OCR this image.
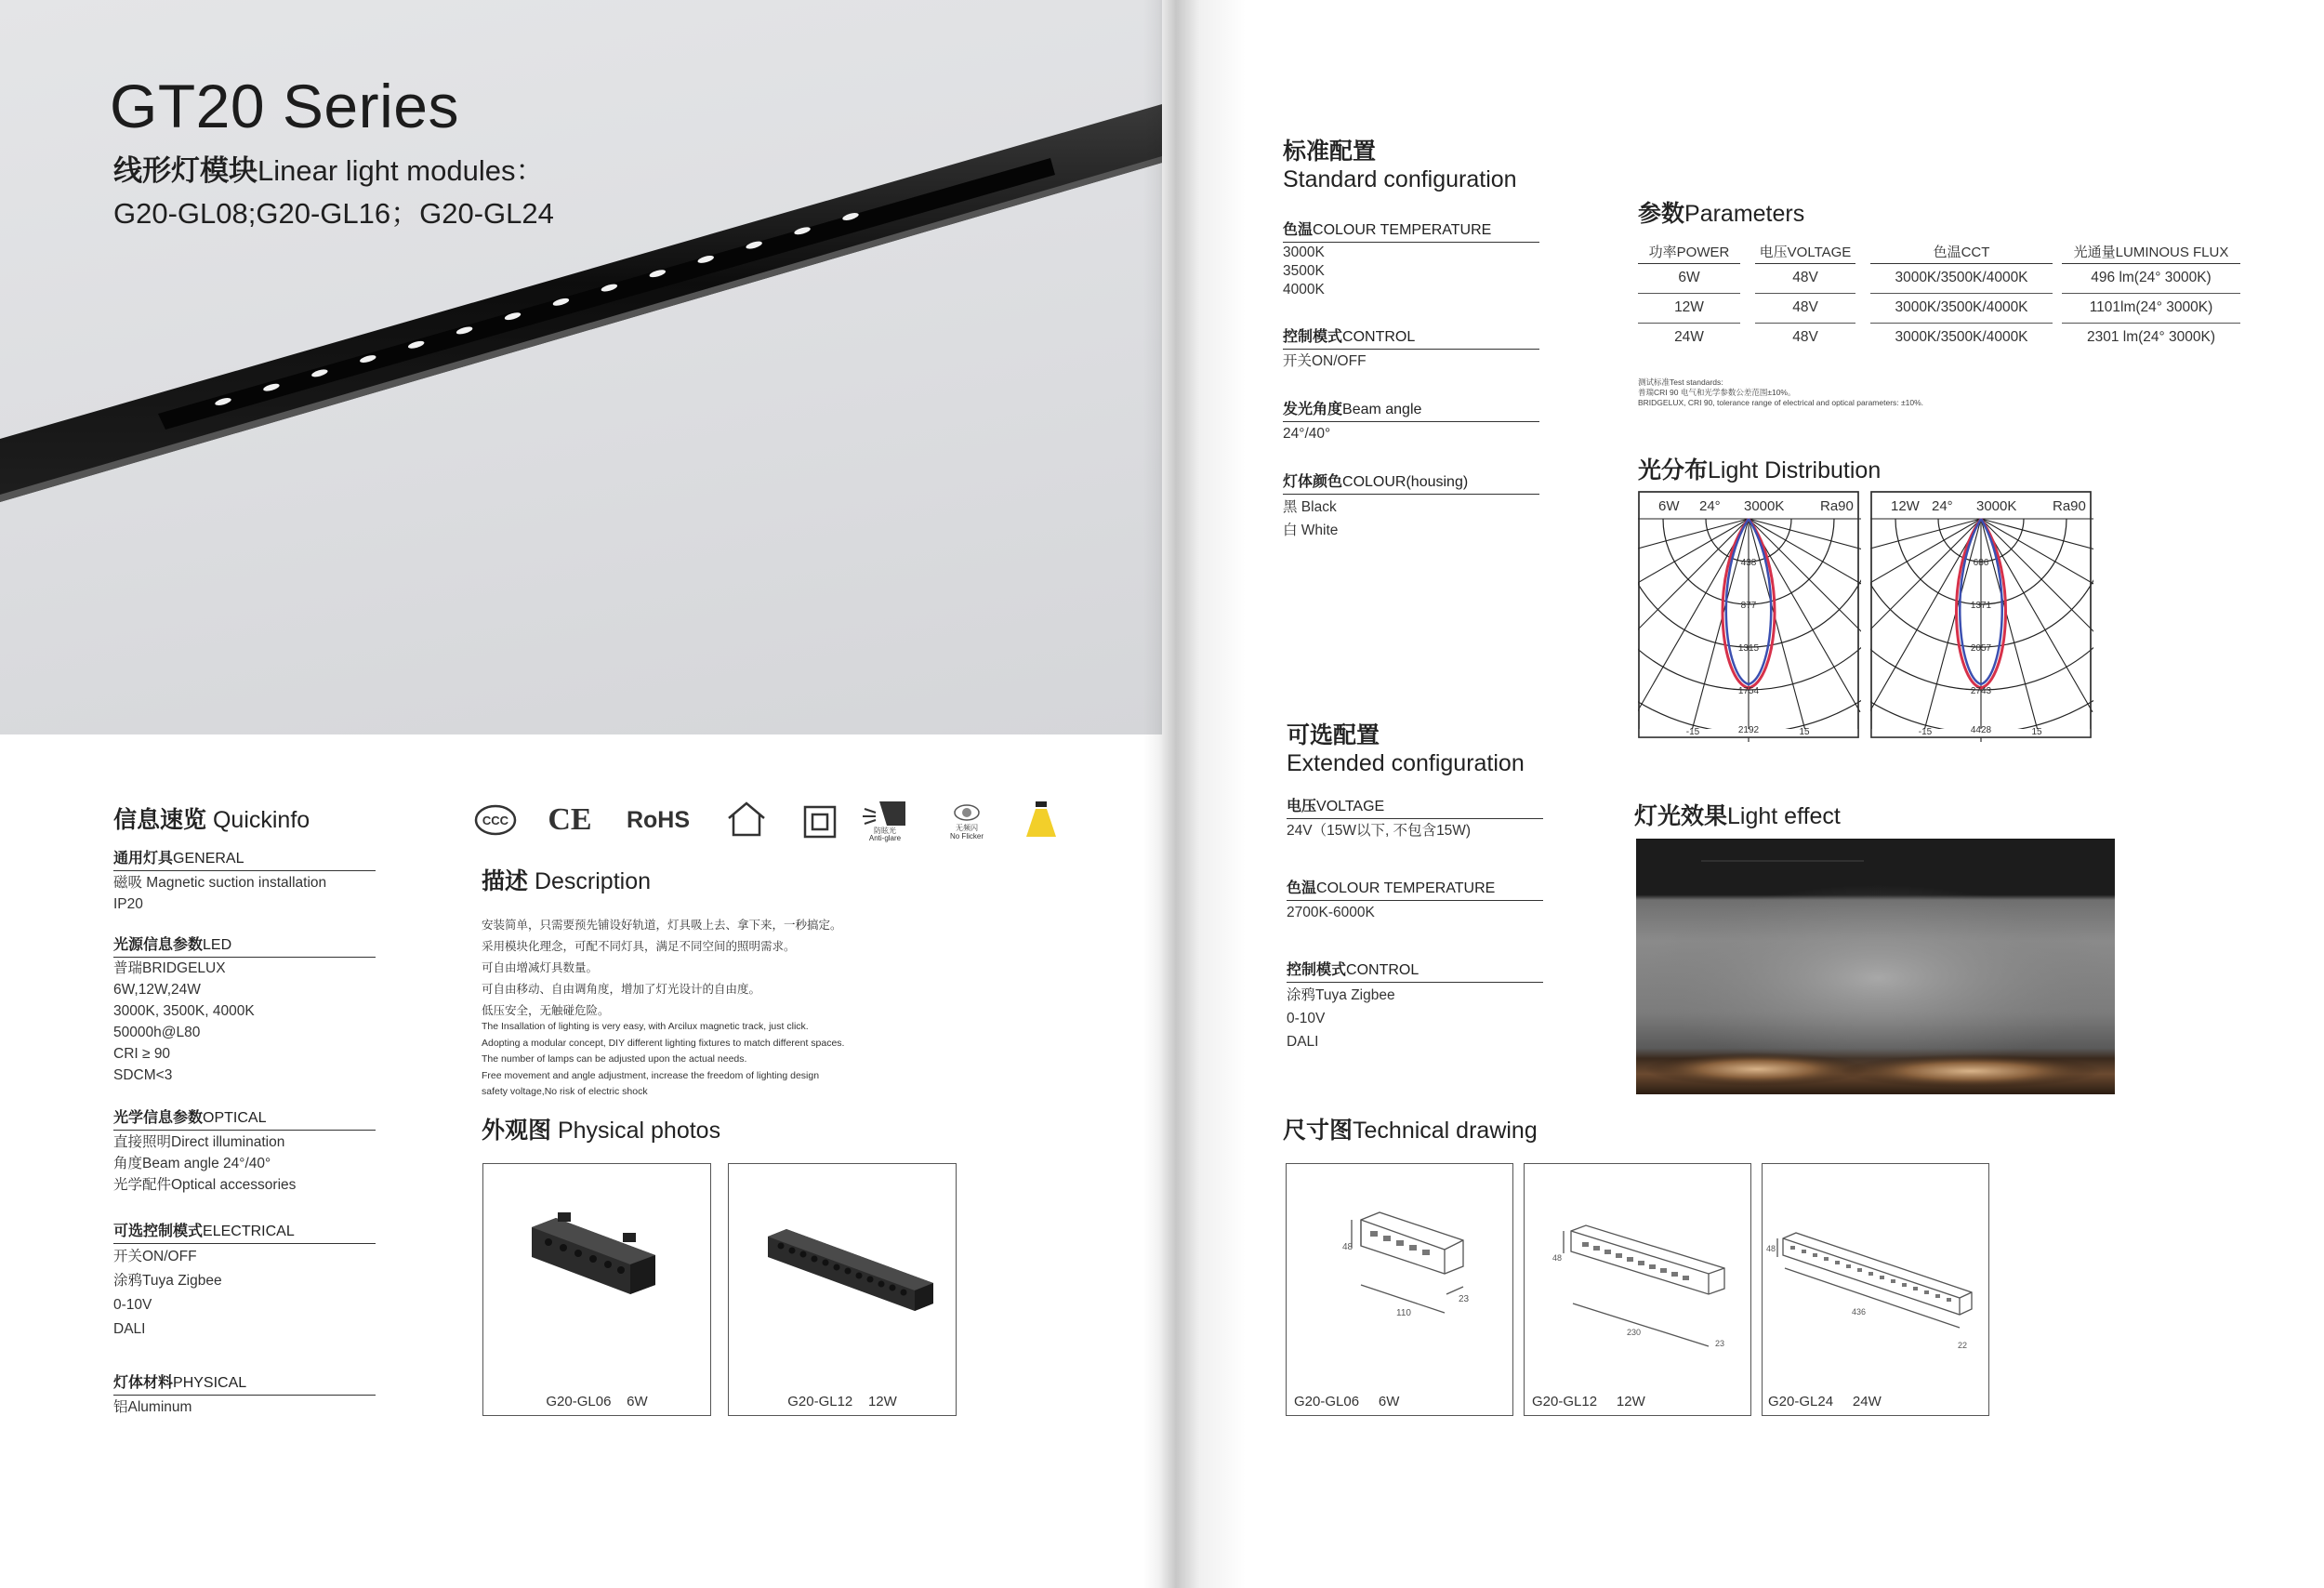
GT20 Series
线形灯模块Linear light modules：
G20-GL08;G20-GL16；G20-GL24
信息速览 Quickinfo
通用灯具GENERAL
磁吸 Magnetic suction installation
IP20
光源信息参数LED
普瑞BRIDGELUX
6W,12W,24W
3000K, 3500K, 4000K
50000h@L80
CRI ≥ 90
SDCM<3
光学信息参数OPTICAL
直接照明Direct illumination
角度Beam angle 24°/40°
光学配件Optical accessories
可选控制模式ELECTRICAL
开关ON/OFF
涂鸦Tuya Zigbee
0-10V
DALI
灯体材料PHYSICAL
铝Aluminum
CCC CE RoHS	防眩光
Anti-glare
无频闪
No Flicker
描述 Description
安装简单，只需要预先铺设好轨道，灯具吸上去、拿下来，一秒搞定。
采用模块化理念，可配不同灯具，满足不同空间的照明需求。
可自由增减灯具数量。
可自由移动、自由调角度，增加了灯光设计的自由度。
低压安全，无触碰危险。
The Insallation of lighting is very easy, with Arcilux magnetic track, just click.
Adopting a modular concept, DIY different lighting fixtures to match different spaces.
The number of lamps can be adjusted upon the actual needs.
Free movement and angle adjustment, increase the freedom of lighting design
safety voltage,No risk of electric shock
外观图 Physical photos
G20-GL06 6W	G20-GL12 12W
标准配置
Standard configuration
色温COLOUR TEMPERATURE
3000K
3500K
4000K
控制模式CONTROL
开关ON/OFF
发光角度Beam angle
24°/40°
灯体颜色COLOUR(housing)
黑 Black
白 White
参数Parameters
可选配置
Extended configuration
电压VOLTAGE
24V（15W以下, 不包含15W)
色温COLOUR TEMPERATURE
2700K-6000K
控制模式CONTROL
涂鸦Tuya Zigbee
0-10V
DALI
光分布Light Distribution
灯光效果Light effect
尺寸图Technical drawing
功率POWER		电压VOLTAGE		色温CCT		光通量LUMINOUS FLUX
6W		48V		3000K/3500K/4000K		496 lm(24° 3000K)
12W		48V		3000K/3500K/4000K		1101lm(24° 3000K)
24W		48V		3000K/3500K/4000K		2301 lm(24° 3000K)
测试标准Test standards:
普瑞CRI 90 电气和光学参数公差范围±10%。
BRIDGELUX, CRI 90, tolerance range of electrical and optical parameters: ±10%.
6W 24° 3000K	Ra90
438
877
1315
1754
2192
-15	15
12W 24° 3000K	Ra90
686
1371
2057
2743
4428
-15	15
48
110
23
G20-GL06 6W
48
230
23
G20-GL12 12W
48
436
22
G20-GL24 24W
